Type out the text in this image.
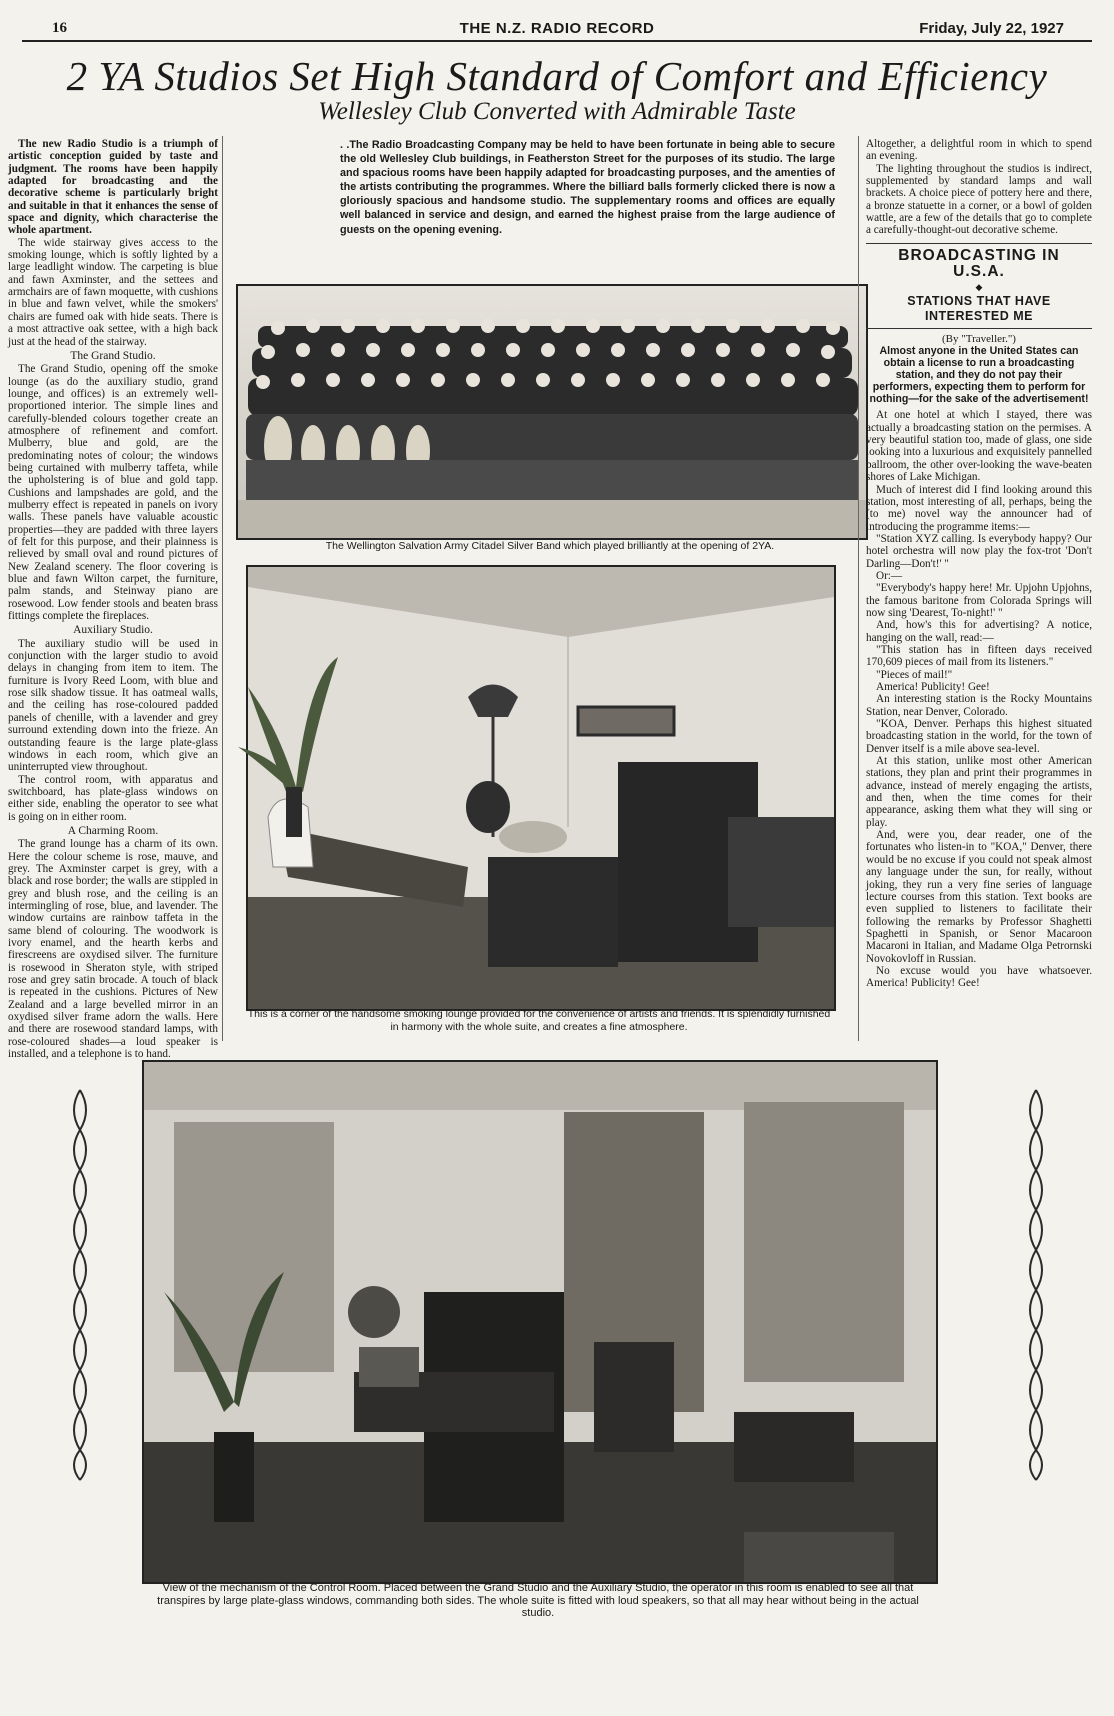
16	THE N.Z. RADIO RECORD	Friday, July 22, 1927
2 YA Studios Set High Standard of Comfort and Efficiency
Wellesley Club Converted with Admirable Taste

The new Radio Studio is a triumph of artistic conception guided by taste and judgment. The rooms have been happily adapted for broadcasting and the decorative scheme is particularly bright and suitable in that it enhances the sense of space and dignity, which characterise the whole apartment.

The wide stairway gives access to the smoking lounge, which is softly lighted by a large leadlight window. The carpeting is blue and fawn Axminster, and the settees and armchairs are of fawn moquette, with cushions in blue and fawn velvet, while the smokers' chairs are fumed oak with hide seats. There is a most attractive oak settee, with a high back just at the head of the stairway.

The Grand Studio.

The Grand Studio, opening off the smoke lounge (as do the auxiliary studio, grand lounge, and offices) is an extremely well-proportioned interior. The simple lines and carefully-blended colours together create an atmosphere of refinement and comfort. Mulberry, blue and gold, are the predominating notes of colour; the windows being curtained with mulberry taffeta, while the upholstering is of blue and gold tapp. Cushions and lampshades are gold, and the mulberry effect is repeated in panels on ivory walls. These panels have valuable acoustic properties—they are padded with three layers of felt for this purpose, and their plainness is relieved by small oval and round pictures of New Zealand scenery. The floor covering is blue and fawn Wilton carpet, the furniture, palm stands, and Steinway piano are rosewood. Low fender stools and beaten brass fittings complete the fireplaces.

Auxiliary Studio.

The auxiliary studio will be used in conjunction with the larger studio to avoid delays in changing from item to item. The furniture is Ivory Reed Loom, with blue and rose silk shadow tissue. It has oatmeal walls, and the ceiling has rose-coloured padded panels of chenille, with a lavender and grey surround extending down into the frieze. An outstanding feaure is the large plate-glass windows in each room, which give an uninterrupted view throughout.

The control room, with apparatus and switchboard, has plate-glass windows on either side, enabling the operator to see what is going on in either room.

A Charming Room.

The grand lounge has a charm of its own. Here the colour scheme is rose, mauve, and grey. The Axminster carpet is grey, with a black and rose border; the walls are stippled in grey and blush rose, and the ceiling is an intermingling of rose, blue, and lavender. The window curtains are rainbow taffeta in the same blend of colouring. The woodwork is ivory enamel, and the hearth kerbs and firescreens are oxydised silver. The furniture is rosewood in Sheraton style, with striped rose and grey satin brocade. A touch of black is repeated in the cushions. Pictures of New Zealand and a large bevelled mirror in an oxydised silver frame adorn the walls. Here and there are rosewood standard lamps, with rose-coloured shades—a loud speaker is installed, and a telephone is to hand.

. .The Radio Broadcasting Company may be held to have been fortunate in being able to secure the old Wellesley Club buildings, in Featherston Street for the purposes of its studio. The large and spacious rooms have been happily adapted for broadcasting purposes, and the amenties of the artists contributing the programmes. Where the billiard balls formerly clicked there is now a gloriously spacious and handsome studio. The supplementary rooms and offices are equally well balanced in service and design, and earned the highest praise from the large audience of guests on the opening evening.
The Wellington Salvation Army Citadel Silver Band which played brilliantly at the opening of 2YA.
This is a corner of the handsome smoking lounge provided for the convenience of artists and friends. It is splendidly furnished in harmony with the whole suite, and creates a fine atmosphere.

Altogether, a delightful room in which to spend an evening.

The lighting throughout the studios is indirect, supplemented by standard lamps and wall brackets. A choice piece of pottery here and there, a bronze statuette in a corner, or a bowl of golden wattle, are a few of the details that go to complete a carefully-thought-out decorative scheme.

BROADCASTING IN
U.S.A.
◆
STATIONS THAT HAVE
INTERESTED ME
(By "Traveller.")
Almost anyone in the United States can obtain a license to run a broadcasting station, and they do not pay their performers, expecting them to perform for nothing—for the sake of the advertisement!

At one hotel at which I stayed, there was actually a broadcasting station on the permises. A very beautiful station too, made of glass, one side looking into a luxurious and exquisitely pannelled ballroom, the other over-looking the wave-beaten shores of Lake Michigan.

Much of interest did I find looking around this station, most interesting of all, perhaps, being the (to me) novel way the announcer had of introducing the programme items:—

"Station XYZ calling. Is everybody happy? Our hotel orchestra will now play the fox-trot 'Don't Darling—Don't!' "

Or:—

"Everybody's happy here! Mr. Upjohn Upjohns, the famous baritone from Colorada Springs will now sing 'Dearest, To-night!' "

And, how's this for advertising? A notice, hanging on the wall, read:—

"This station has in fifteen days received 170,609 pieces of mail from its listeners."

"Pieces of mail!"

America! Publicity! Gee!

An interesting station is the Rocky Mountains Station, near Denver, Colorado.

"KOA, Denver. Perhaps this highest situated broadcasting station in the world, for the town of Denver itself is a mile above sea-level.

At this station, unlike most other American stations, they plan and print their programmes in advance, instead of merely engaging the artists, and then, when the time comes for their appearance, asking them what they will sing or play.

And, were you, dear reader, one of the fortunates who listen-in to "KOA," Denver, there would be no excuse if you could not speak almost any language under the sun, for really, without joking, they run a very fine series of language lecture courses from this station. Text books are even supplied to listeners to facilitate their following the remarks by Professor Shaghetti Spaghetti in Spanish, or Senor Macaroon Macaroni in Italian, and Madame Olga Petrornski Novokovloff in Russian.

No excuse would you have whatsoever. America! Publicity! Gee!

View of the mechanism of the Control Room. Placed between the Grand Studio and the Auxiliary Studio, the operator in this room is enabled to see all that transpires by large plate-glass windows, commanding both sides. The whole suite is fitted with loud speakers, so that all may hear without being in the actual studio.
